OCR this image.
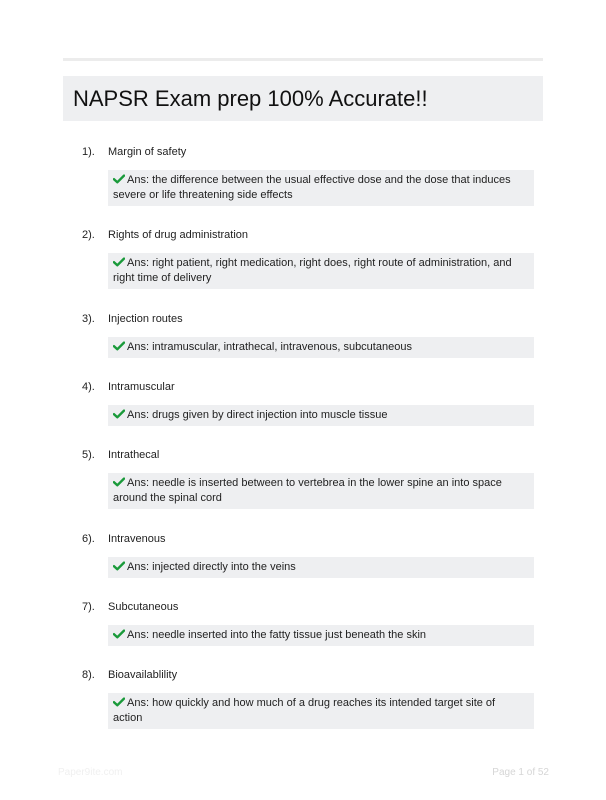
NAPSR Exam prep 100% Accurate!!
1). Margin of safety
Ans: the difference between the usual effective dose and the dose that induces severe or life threatening side effects
2). Rights of drug administration
Ans: right patient, right medication, right does, right route of administration, and right time of delivery
3). Injection routes
Ans: intramuscular, intrathecal, intravenous, subcutaneous
4). Intramuscular
Ans: drugs given by direct injection into muscle tissue
5). Intrathecal
Ans: needle is inserted between to vertebrea in the lower spine an into space around the spinal cord
6). Intravenous
Ans: injected directly into the veins
7). Subcutaneous
Ans: needle inserted into the fatty tissue just beneath the skin
8). Bioavailablility
Ans: how quickly and how much of a drug reaches its intended target site of action
Paper9ite.com	Page 1 of 52
